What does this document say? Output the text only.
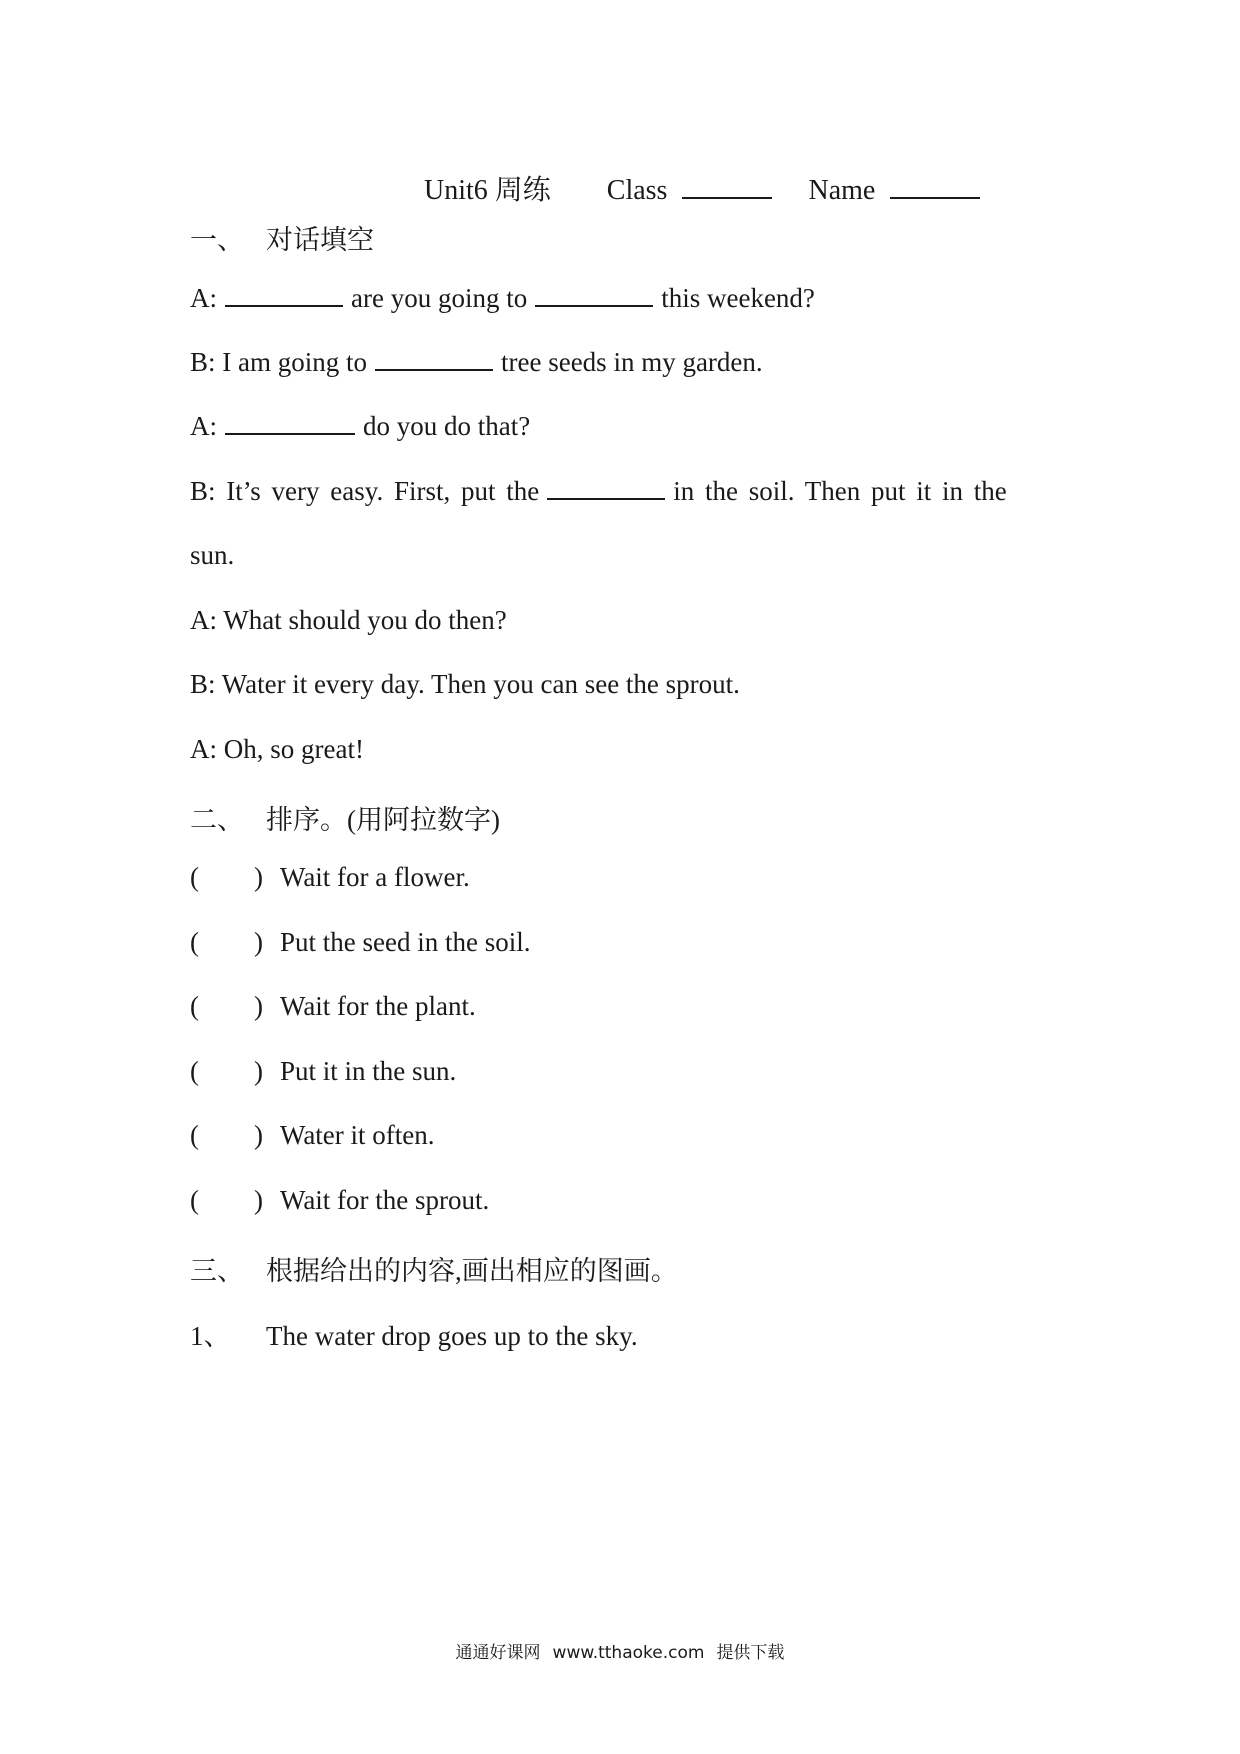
Unit6 周练 Class	Name
一、 对话填空
A:	are you going to	this weekend?
B: I am going to	tree seeds in my garden.
A:	do you do that?
B: It’s very easy. First, put the	in the soil. Then put it in the
sun.
A: What should you do then?
B: Water it every day. Then you can see the sprout.
A: Oh, so great!
二、 排序。(用阿拉数字)
( ) Wait for a flower.
( ) Put the seed in the soil.
( ) Wait for the plant.
( ) Put it in the sun.
( ) Water it often.
( ) Wait for the sprout.
三、 根据给出的内容,画出相应的图画。
1、 The water drop goes up to the sky.
通通好课网 www.tthaoke.com 提供下载
